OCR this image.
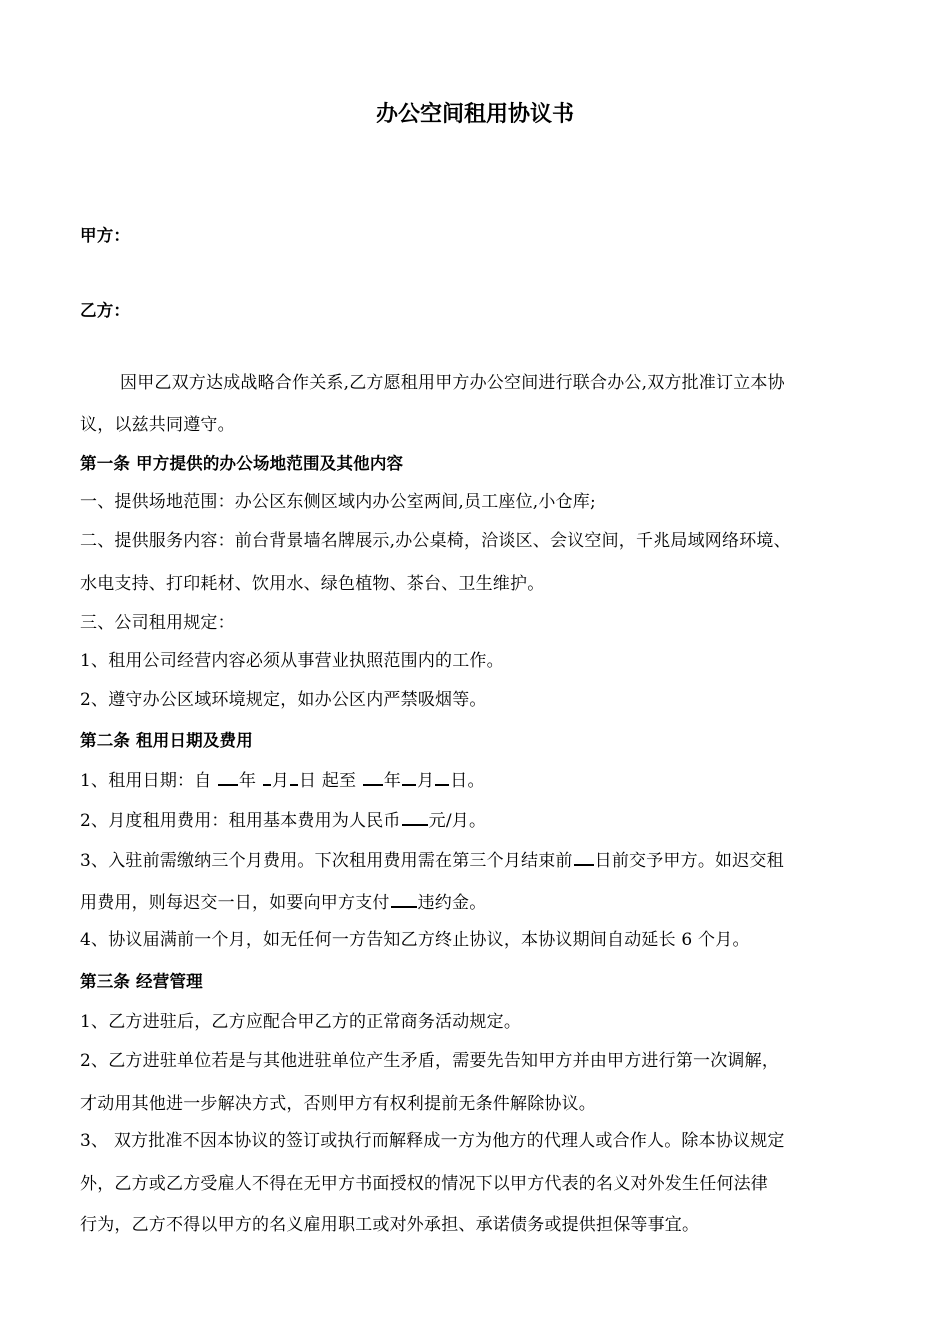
办公空间租用协议书
甲方：
乙方：
因甲乙双方达成战略合作关系,乙方愿租用甲方办公空间进行联合办公,双方批准订立本协
议，以兹共同遵守。
第一条 甲方提供的办公场地范围及其他内容
一、提供场地范围：办公区东侧区域内办公室两间,员工座位,小仓库;
二、提供服务内容：前台背景墙名牌展示,办公桌椅，洽谈区、会议空间，千兆局域网络环境、
水电支持、打印耗材、饮用水、绿色植物、茶台、卫生维护。
三、公司租用规定：
1、租用公司经营内容必须从事营业执照范围内的工作。
2、遵守办公区域环境规定，如办公区内严禁吸烟等。
第二条 租用日期及费用
1、租用日期：自 年 月 日 起至 年 月 日。
2、月度租用费用：租用基本费用为人民币 元/月。
3、入驻前需缴纳三个月费用。下次租用费用需在第三个月结束前 日前交予甲方。如迟交租
用费用，则每迟交一日，如要向甲方支付 违约金。
4、协议届满前一个月，如无任何一方告知乙方终止协议，本协议期间自动延长 6 个月。
第三条 经营管理
1、乙方进驻后，乙方应配合甲乙方的正常商务活动规定。
2、乙方进驻单位若是与其他进驻单位产生矛盾，需要先告知甲方并由甲方进行第一次调解，
才动用其他进一步解决方式，否则甲方有权利提前无条件解除协议。
3、 双方批准不因本协议的签订或执行而解释成一方为他方的代理人或合作人。除本协议规定
外，乙方或乙方受雇人不得在无甲方书面授权的情况下以甲方代表的名义对外发生任何法律
行为，乙方不得以甲方的名义雇用职工或对外承担、承诺债务或提供担保等事宜。
